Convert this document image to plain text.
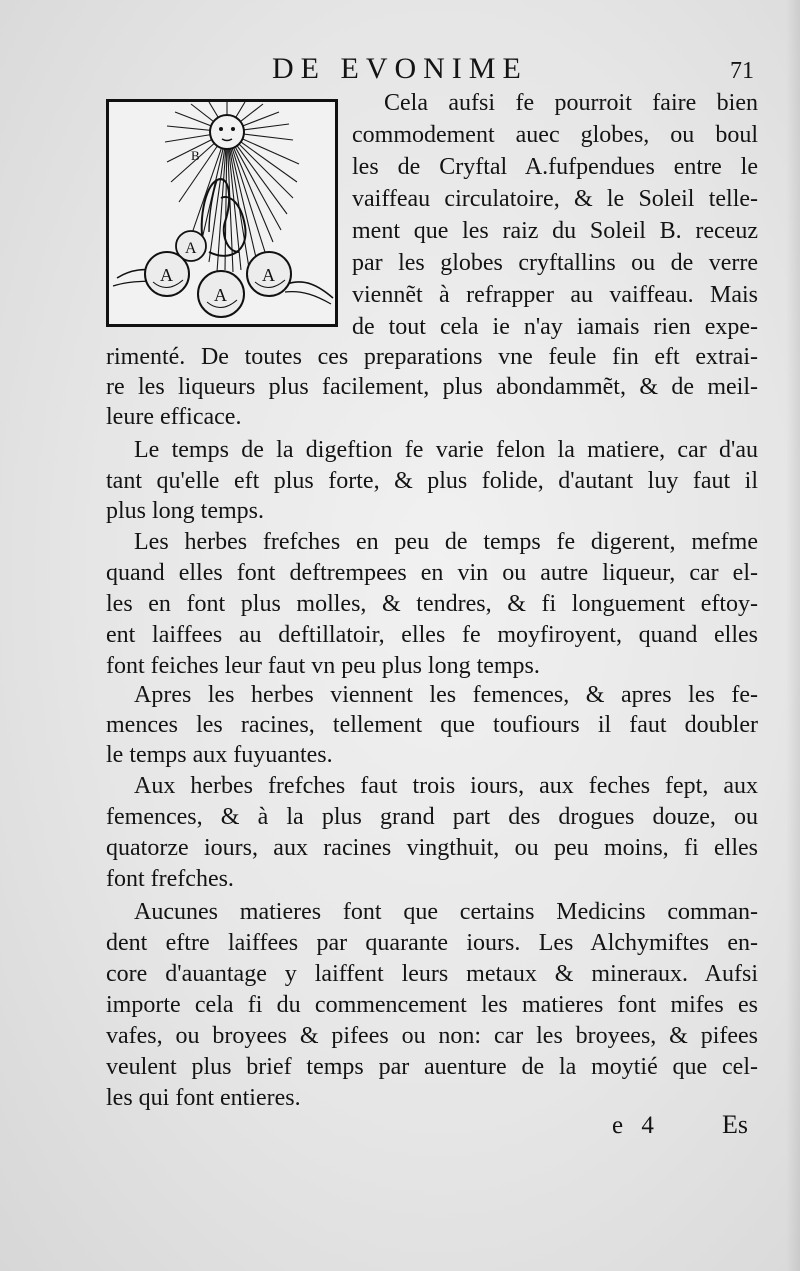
DE EVONIME	71
B
A
A
A
A
Cela aufsi fe pourroit faire bien
commodement auec globes, ou boul
les de Cryftal A.fufpendues entre le
vaiffeau circulatoire, & le Soleil telle-
ment que les raiz du Soleil B. receuz
par les globes cryftallins ou de verre
viennẽt à refrapper au vaiffeau. Mais
de tout cela ie n'ay iamais rien expe-
rimenté. De toutes ces preparations vne feule fin eft extrai-
re les liqueurs plus facilement, plus abondammẽt, & de meil-
leure efficace.
Le temps de la digeftion fe varie felon la matiere, car d'au
tant qu'elle eft plus forte, & plus folide, d'autant luy faut il
plus long temps.
Les herbes frefches en peu de temps fe digerent, mefme
quand elles font deftrempees en vin ou autre liqueur, car el-
les en font plus molles, & tendres, & fi longuement eftoy-
ent laiffees au deftillatoir, elles fe moyfiroyent, quand elles
font feiches leur faut vn peu plus long temps.
Apres les herbes viennent les femences, & apres les fe-
mences les racines, tellement que toufiours il faut doubler
le temps aux fuyuantes.
Aux herbes frefches faut trois iours, aux feches fept, aux
femences, & à la plus grand part des drogues douze, ou
quatorze iours, aux racines vingthuit, ou peu moins, fi elles
font frefches.
Aucunes matieres font que certains Medicins comman-
dent eftre laiffees par quarante iours. Les Alchymiftes en-
core d'auantage y laiffent leurs metaux & mineraux. Aufsi
importe cela fi du commencement les matieres font mifes es
vafes, ou broyees & pifees ou non: car les broyees, & pifees
veulent plus brief temps par auenture de la moytié que cel-
les qui font entieres.
e 4 Es
